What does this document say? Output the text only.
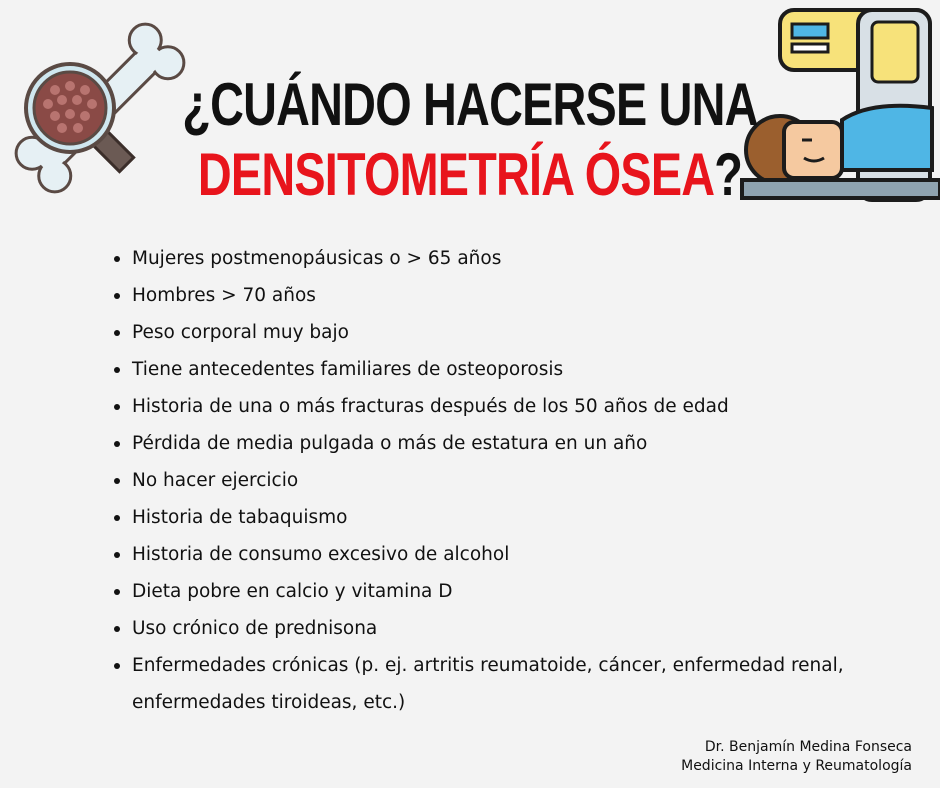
¿CUÁNDO HACERSE UNA
DENSITOMETRÍA ÓSEA?
Mujeres postmenopáusicas o > 65 años
Hombres > 70 años
Peso corporal muy bajo
Tiene antecedentes familiares de osteoporosis
Historia de una o más fracturas después de los 50 años de edad
Pérdida de media pulgada o más de estatura en un año
No hacer ejercicio
Historia de tabaquismo
Historia de consumo excesivo de alcohol
Dieta pobre en calcio y vitamina D
Uso crónico de prednisona
Enfermedades crónicas (p. ej. artritis reumatoide, cáncer, enfermedad renal, enfermedades tiroideas, etc.)
Dr. Benjamín Medina Fonseca
Medicina Interna y Reumatología
